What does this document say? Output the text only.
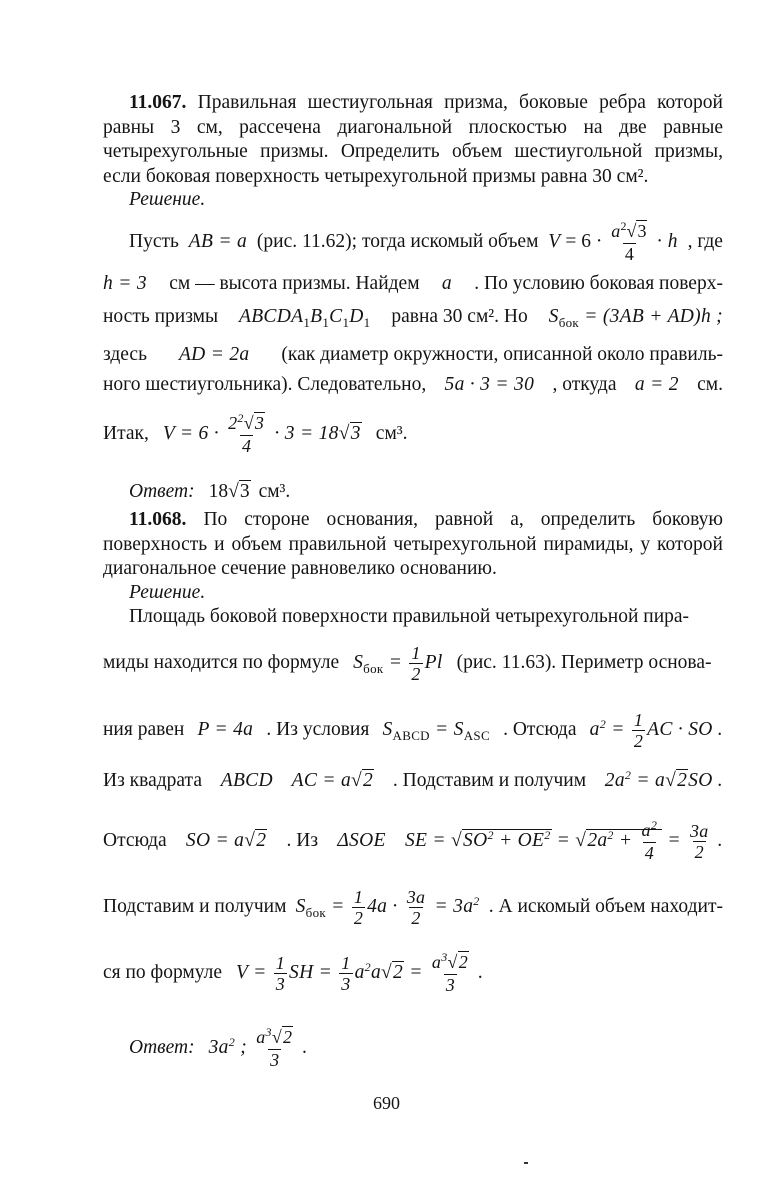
11.067. Правильная шестиугольная призма, боковые ребра которой равны 3 см, рассечена диагональной плоскостью на две равные четырехугольные призмы. Определить объем шестиугольной призмы, если боковая поверхность четырехугольной призмы равна 30 см².

Решение.
Пусть AB = a (рис. 11.62); тогда искомый объем $V = 6 \cdot \frac{a^2√3}{4} \cdot h$ , где
h = 3 см — высота призмы. Найдем a . По условию боковая поверх-
ность призмы $ABCDA_1B_1C_1D_1$ равна 30 см². Но $S_{бок} = (3AB + AD)h$ ;
здесь AD = 2a (как диаметр окружности, описанной около правиль-
ного шестиугольника). Следовательно, 5a · 3 = 30 , откуда a = 2 см.
Итак, $V = 6 \cdot \frac{2^2√3}{4} \cdot 3 = 18√3$ см³.
Ответ: 18√3 см³.

11.068. По стороне основания, равной a, определить боковую поверхность и объем правильной четырехугольной пирамиды, у которой диагональное сечение равновелико основанию.

Решение.
Площадь боковой поверхности правильной четырехугольной пира-
миды находится по формуле $S_{бок} = \frac{1}{2}$ Pl (рис. 11.63). Периметр основа-
ния равен P = 4a . Из условия $S_{ABCD} = S_{ASC}$ . Отсюда $a^2 = \frac{1}{2}$ AC · SO .
Из квадрата ABCD AC = a√2 . Подставим и получим $2a^2 = a√2SO$ .
Отсюда SO = a√2 . Из ΔSOE SE = $√SO^2 + OE^2 = √2a^2 + \frac{a^2}{4} = \frac{3a}{2}$ .
Подставим и получим $S_{бок} = \frac{1}{2} 4a \cdot \frac{3a}{2} = 3a^2$ . А искомый объем находит-
ся по формуле $V = \frac{1}{3}$ SH = $\frac{1}{3} a^2a√2 = \frac{a^3√2}{3}$ .
Ответ: $3a^2$ ; $\frac{a^3√2}{3}$ .
690
